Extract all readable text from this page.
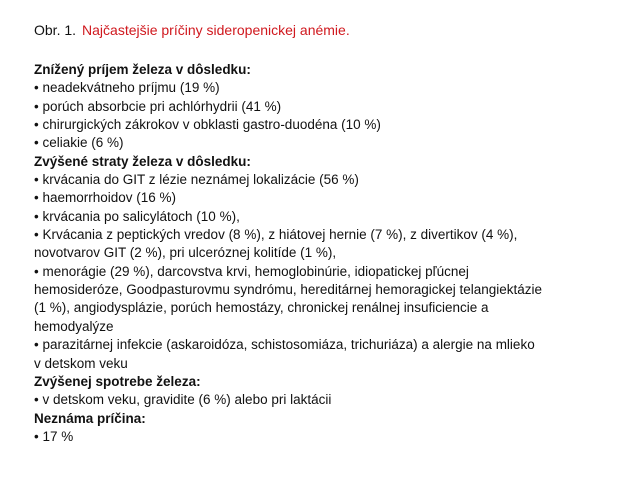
Obr. 1. Najčastejšie príčiny sideropenickej anémie.
Znížený príjem železa v dôsledku:
• neadekvátneho príjmu (19 %)
• porúch absorbcie pri achlórhydrii (41 %)
• chirurgických zákrokov v obklasti gastro-duodéna (10 %)
• celiakie (6 %)
Zvýšené straty železa v dôsledku:
• krvácania do GIT z lézie neznámej lokalizácie (56 %)
• haemorrhoidov (16 %)
• krvácania po salicylátoch (10 %),
• Krvácania z peptických vredov (8 %), z hiátovej hernie (7 %), z divertikov (4 %),
novotvarov GIT (2 %), pri ulceróznej kolitíde (1 %),
• menorágie (29 %), darcovstva krvi, hemoglobinúrie, idiopatickej pľúcnej
hemosideróze, Goodpasturovmu syndrómu, hereditárnej hemoragickej telangiektázie
(1 %), angiodysplázie, porúch hemostázy, chronickej renálnej insuficiencie a
hemodyalýze
• parazitárnej infekcie (askaroidóza, schistosomiáza, trichuriáza) a alergie na mlieko
v detskom veku
Zvýšenej spotrebe železa:
• v detskom veku, gravidite (6 %) alebo pri laktácii
Neznáma príčina:
• 17 %
